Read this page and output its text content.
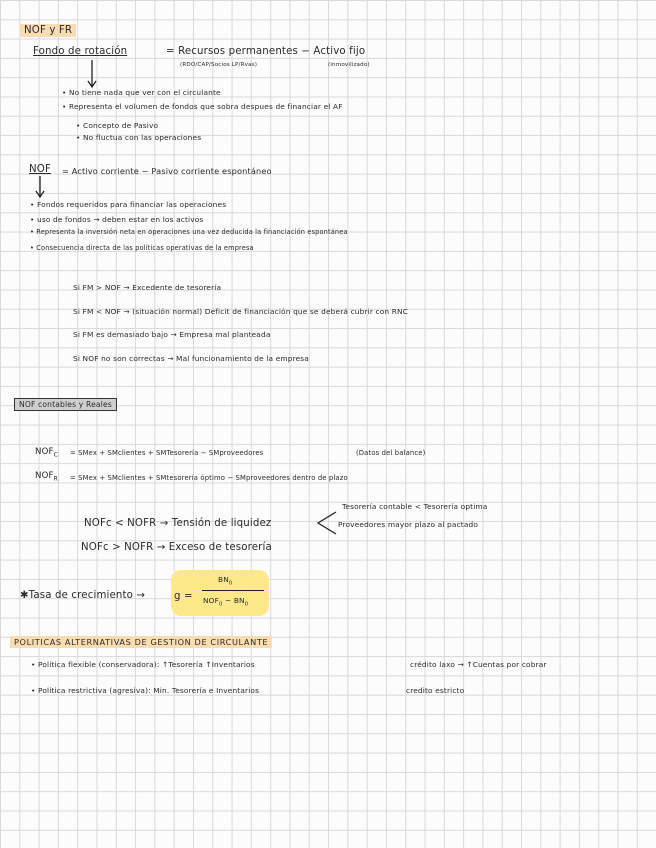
NOF y FR
Fondo de rotación	= Recursos permanentes − Activo fijo
(RDO/CAP/Socios LP/Rvas)	(inmovilizado)
• No tiene nada que ver con el circulante
• Representa el volumen de fondos que sobra despues de financiar el AF
• Concepto de Pasivo
• No fluctua con las operaciones
NOF = Activo corriente − Pasivo corriente espontáneo
• Fondos requeridos para financiar las operaciones
• uso de fondos → deben estar en los activos
• Representa la inversión neta en operaciones una vez deducida la financiación espontánea
• Consecuencia directa de las políticas operativas de la empresa
Si FM > NOF → Excedente de tesorería
Si FM < NOF → (situación normal) Deficit de financiación que se deberá cubrir con RNC
Si FM es demasiado bajo → Empresa mal planteada
Si NOF no son correctas → Mal funcionamiento de la empresa
NOF contables y Reales
$NOF_C$ = SMex + SMclientes + SMTesorería − SMproveedores	(Datos del balance)
$NOF_R$ = SMex + SMclientes + SMtesorería óptimo − SMproveedores dentro de plazo
Tesorería contable < Tesorería optima
NOFc < NOFR → Tensión de liquidez	Proveedores mayor plazo al pactado
NOFc > NOFR → Exceso de tesorería
✱Tasa de crecimiento →	g =
$BN_0$
$NOF_0 - BN_0$
POLITICAS ALTERNATIVAS DE GESTION DE CIRCULANTE
• Política flexible (conservadora): ↑Tesorería ↑Inventarios	crédito laxo → ↑Cuentas por cobrar
• Política restrictiva (agresiva): Min. Tesorería e Inventarios	credito estricto
